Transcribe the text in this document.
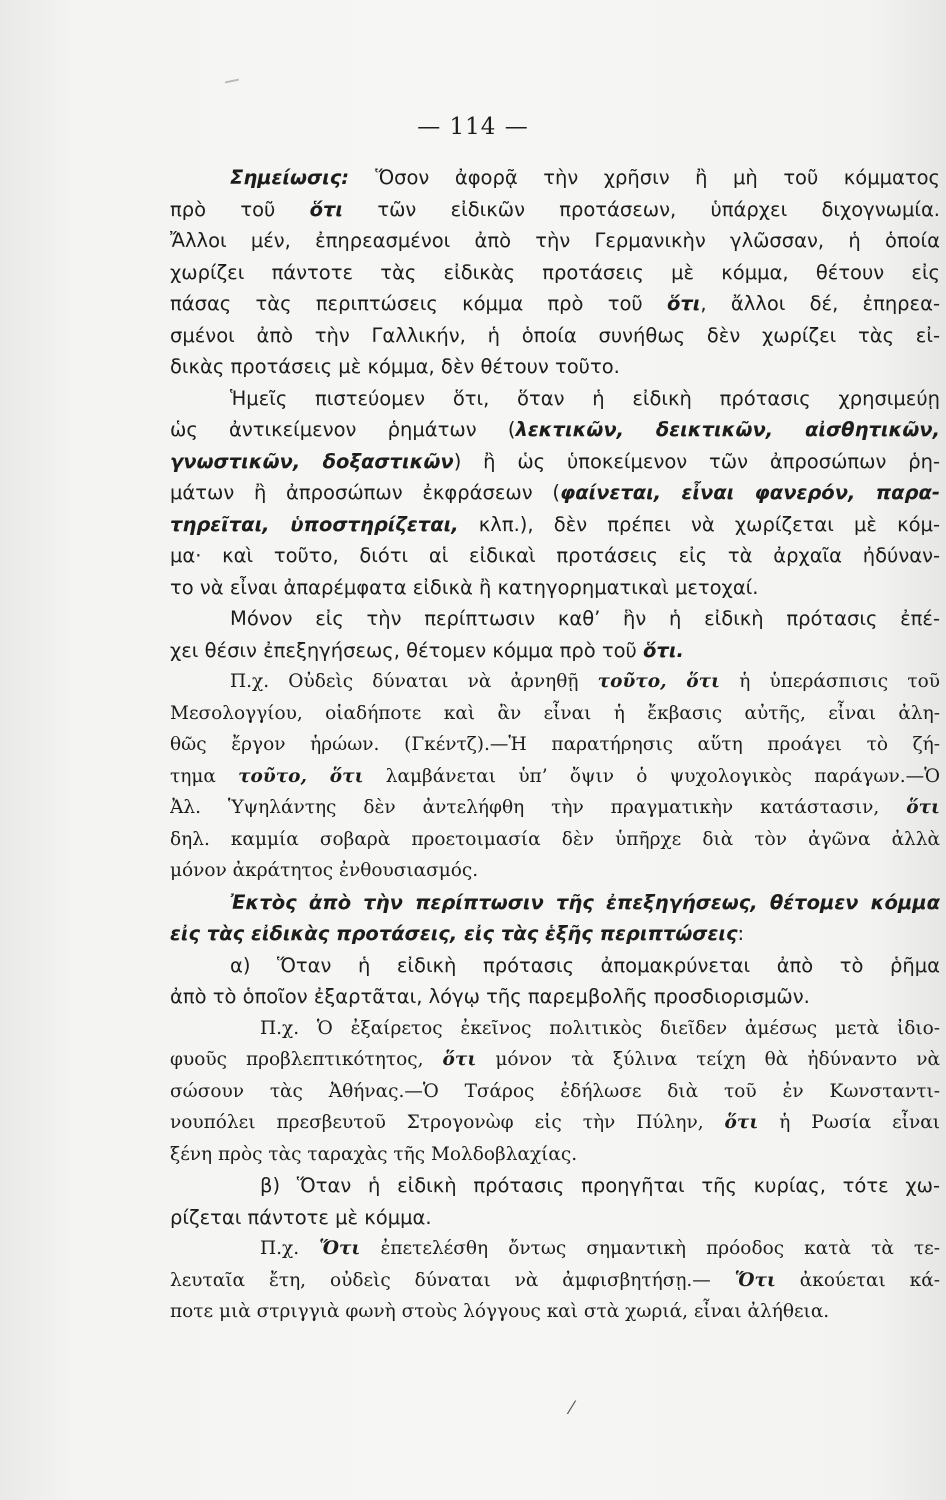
— 114 —
Σημείωσις: Ὅσον ἀφορᾷ τὴν χρῆσιν ἢ μὴ τοῦ κόμματος
πρὸ τοῦ ὅτι τῶν εἰδικῶν προτάσεων, ὑπάρχει διχογνωμία.
Ἄλλοι μέν, ἐπηρεασμένοι ἀπὸ τὴν Γερμανικὴν γλῶσσαν, ἡ ὁποία
χωρίζει πάντοτε τὰς εἰδικὰς προτάσεις μὲ κόμμα, θέτουν εἰς
πάσας τὰς περιπτώσεις κόμμα πρὸ τοῦ ὅτι, ἄλλοι δέ, ἐπηρεα-
σμένοι ἀπὸ τὴν Γαλλικήν, ἡ ὁποία συνήθως δὲν χωρίζει τὰς εἰ-
δικὰς προτάσεις μὲ κόμμα, δὲν θέτουν τοῦτο.
Ἡμεῖς πιστεύομεν ὅτι, ὅταν ἡ εἰδικὴ πρότασις χρησιμεύῃ
ὡς ἀντικείμενον ῥημάτων (λεκτικῶν, δεικτικῶν, αἰσθητικῶν,
γνωστικῶν, δοξαστικῶν) ἢ ὡς ὑποκείμενον τῶν ἀπροσώπων ῥη-
μάτων ἢ ἀπροσώπων ἐκφράσεων (φαίνεται, εἶναι φανερόν, παρα-
τηρεῖται, ὑποστηρίζεται, κλπ.), δὲν πρέπει νὰ χωρίζεται μὲ κόμ-
μα· καὶ τοῦτο, διότι αἱ εἰδικαὶ προτάσεις εἰς τὰ ἀρχαῖα ἠδύναν-
το νὰ εἶναι ἀπαρέμφατα εἰδικὰ ἢ κατηγορηματικαὶ μετοχαί.
Μόνον εἰς τὴν περίπτωσιν καθ’ ἣν ἡ εἰδικὴ πρότασις ἐπέ-
χει θέσιν ἐπεξηγήσεως, θέτομεν κόμμα πρὸ τοῦ ὅτι.
Π.χ. Οὐδεὶς δύναται νὰ ἀρνηθῇ τοῦτο, ὅτι ἡ ὑπεράσπισις τοῦ
Μεσολογγίου, οἱαδήποτε καὶ ἂν εἶναι ἡ ἔκβασις αὐτῆς, εἶναι ἀλη-
θῶς ἔργον ἡρώων. (Γκέντζ).—Ἡ παρατήρησις αὕτη προάγει τὸ ζή-
τημα τοῦτο, ὅτι λαμβάνεται ὑπ’ ὄψιν ὁ ψυχολογικὸς παράγων.—Ὁ
Ἀλ. Ὑψηλάντης δὲν ἀντελήφθη τὴν πραγματικὴν κατάστασιν, ὅτι
δηλ. καμμία σοβαρὰ προετοιμασία δὲν ὑπῆρχε διὰ τὸν ἀγῶνα ἀλλὰ
μόνον ἀκράτητος ἐνθουσιασμός.
Ἐκτὸς ἀπὸ τὴν περίπτωσιν τῆς ἐπεξηγήσεως, θέτομεν κόμμα
εἰς τὰς εἰδικὰς προτάσεις, εἰς τὰς ἑξῆς περιπτώσεις:
α) Ὅταν ἡ εἰδικὴ πρότασις ἀπομακρύνεται ἀπὸ τὸ ῥῆμα
ἀπὸ τὸ ὁποῖον ἐξαρτᾶται, λόγῳ τῆς παρεμβολῆς προσδιορισμῶν.
Π.χ. Ὁ ἐξαίρετος ἐκεῖνος πολιτικὸς διεῖδεν ἀμέσως μετὰ ἰδιο-
φυοῦς προβλεπτικότητος, ὅτι μόνον τὰ ξύλινα τείχη θὰ ἠδύναντο νὰ
σώσουν τὰς Ἀθήνας.—Ὁ Τσάρος ἐδήλωσε διὰ τοῦ ἐν Κωνσταντι-
νουπόλει πρεσβευτοῦ Στρογονὼφ εἰς τὴν Πύλην, ὅτι ἡ Ρωσία εἶναι
ξένη πρὸς τὰς ταραχὰς τῆς Μολδοβλαχίας.
β) Ὅταν ἡ εἰδικὴ πρότασις προηγῆται τῆς κυρίας, τότε χω-
ρίζεται πάντοτε μὲ κόμμα.
Π.χ. Ὅτι ἐπετελέσθη ὄντως σημαντικὴ πρόοδος κατὰ τὰ τε-
λευταῖα ἔτη, οὐδεὶς δύναται νὰ ἀμφισβητήσῃ.— Ὅτι ἀκούεται κά-
ποτε μιὰ στριγγιὰ φωνὴ στοὺς λόγγους καὶ στὰ χωριά, εἶναι ἀλήθεια.
⁄
